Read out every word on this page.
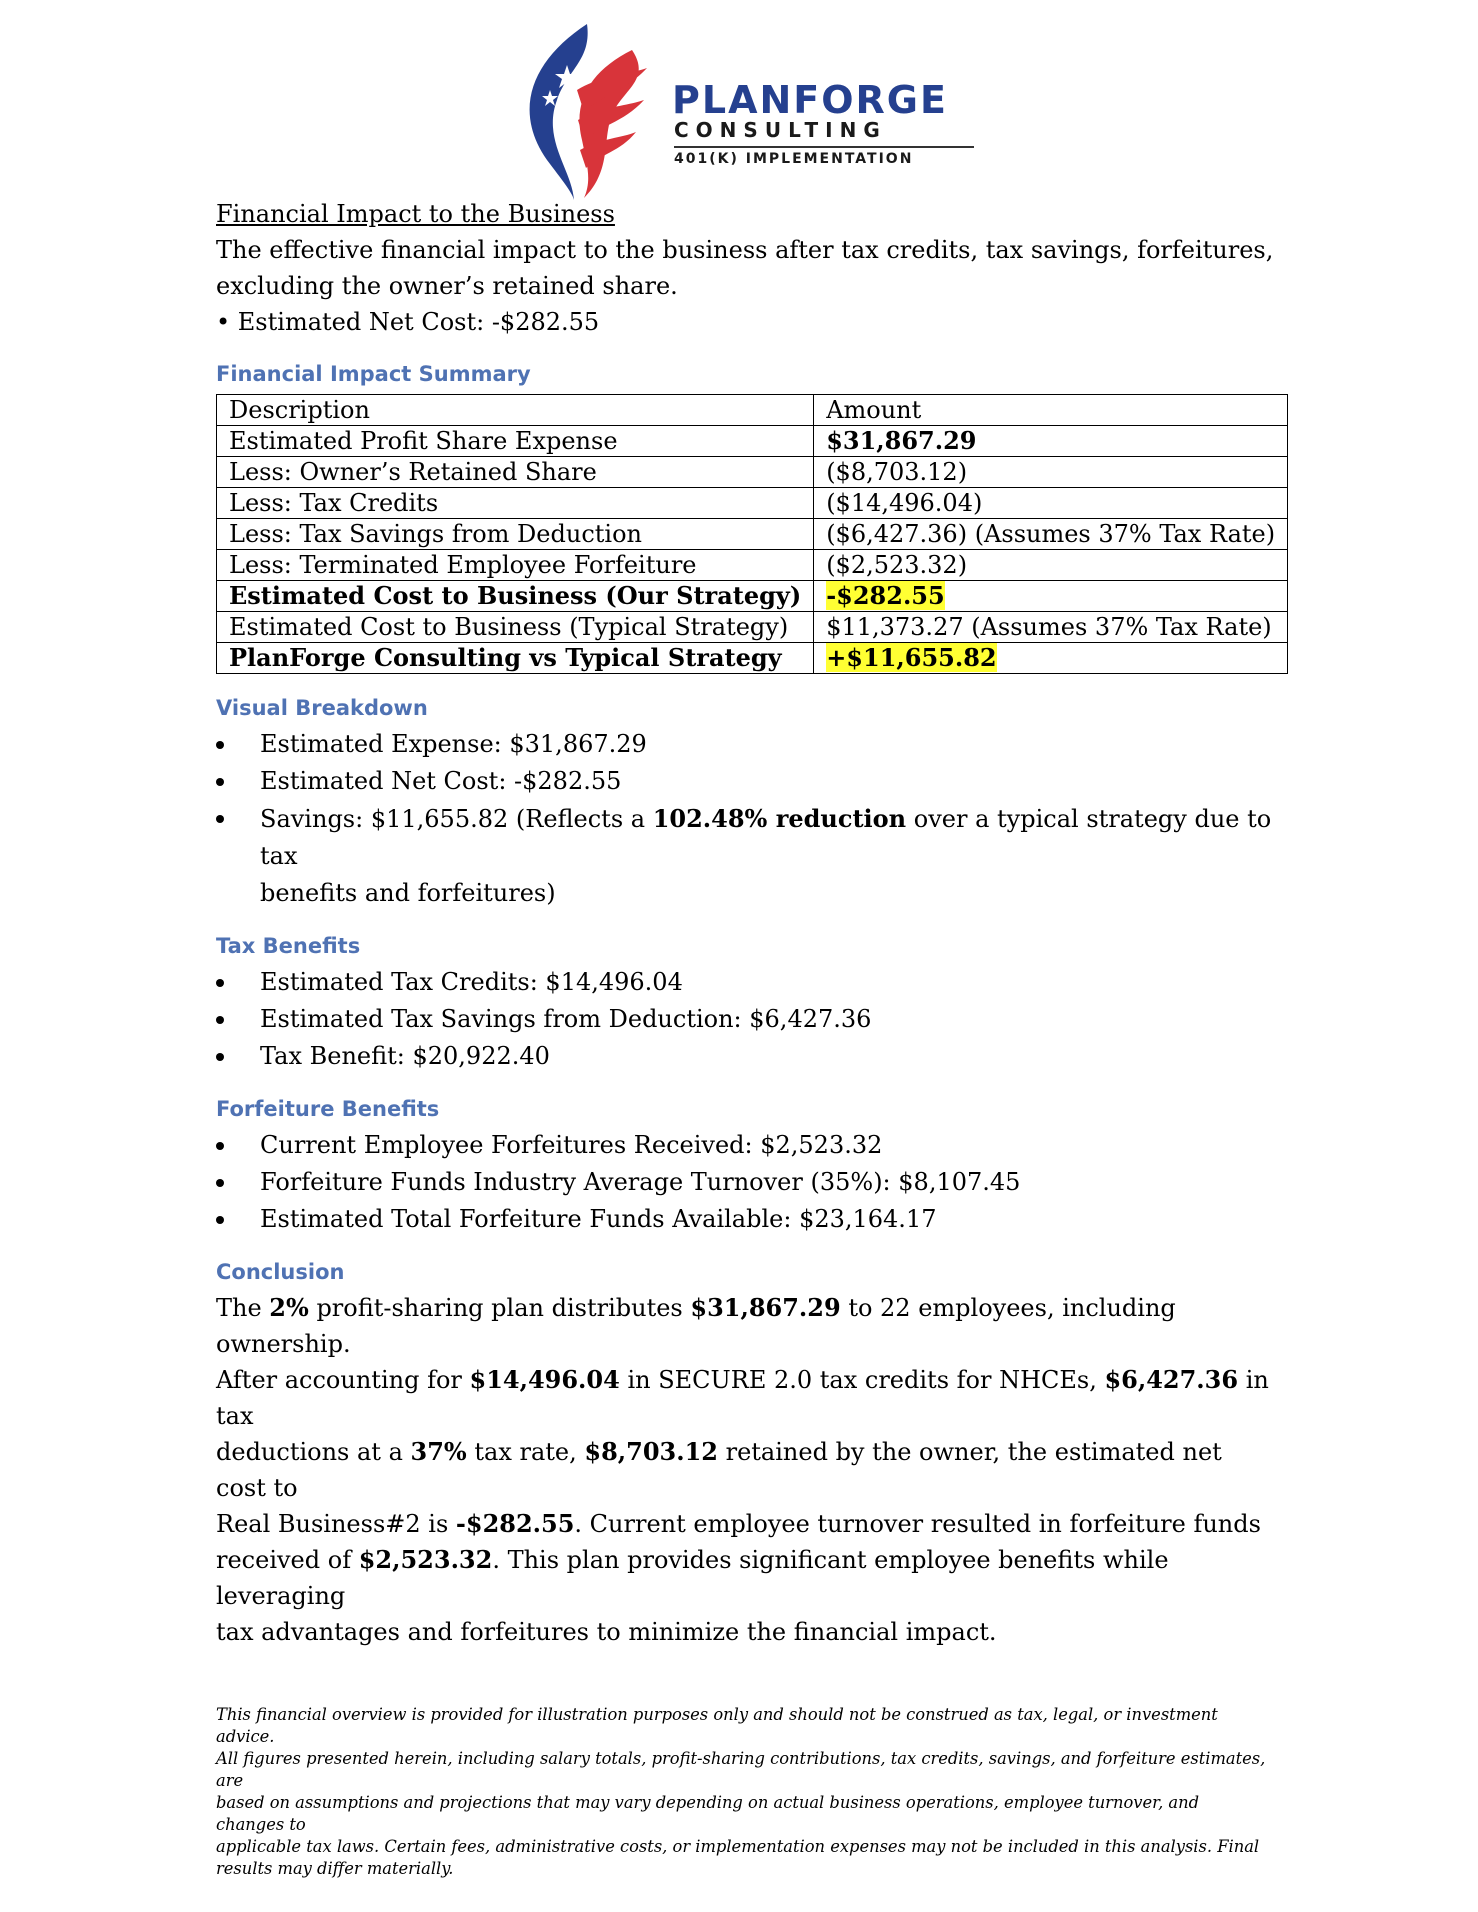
PLANFORGE
CONSULTING
401(K) IMPLEMENTATION

Financial Impact to the Business

The effective financial impact to the business after tax credits, tax savings, forfeitures,

excluding the owner’s retained share.

• Estimated Net Cost: -$282.55

Financial Impact Summary

Description	Amount
Estimated Profit Share Expense	$31,867.29
Less: Owner’s Retained Share	($8,703.12)
Less: Tax Credits	($14,496.04)
Less: Tax Savings from Deduction	($6,427.36) (Assumes 37% Tax Rate)
Less: Terminated Employee Forfeiture	($2,523.32)
Estimated Cost to Business (Our Strategy)	-$282.55
Estimated Cost to Business (Typical Strategy)	$11,373.27 (Assumes 37% Tax Rate)
PlanForge Consulting vs Typical Strategy	+$11,655.82

Visual Breakdown

Estimated Expense: $31,867.29
Estimated Net Cost: -$282.55
Savings: $11,655.82 (Reflects a 102.48% reduction over a typical strategy due to tax
benefits and forfeitures)

Tax Benefits

Estimated Tax Credits: $14,496.04
Estimated Tax Savings from Deduction: $6,427.36
Tax Benefit: $20,922.40

Forfeiture Benefits

Current Employee Forfeitures Received: $2,523.32
Forfeiture Funds Industry Average Turnover (35%): $8,107.45
Estimated Total Forfeiture Funds Available: $23,164.17

Conclusion

The 2% profit-sharing plan distributes $31,867.29 to 22 employees, including ownership.

After accounting for $14,496.04 in SECURE 2.0 tax credits for NHCEs, $6,427.36 in tax

deductions at a 37% tax rate, $8,703.12 retained by the owner, the estimated net cost to

Real Business#2 is -$282.55. Current employee turnover resulted in forfeiture funds

received of $2,523.32. This plan provides significant employee benefits while leveraging

tax advantages and forfeitures to minimize the financial impact.

This financial overview is provided for illustration purposes only and should not be construed as tax, legal, or investment advice.
All figures presented herein, including salary totals, profit-sharing contributions, tax credits, savings, and forfeiture estimates, are
based on assumptions and projections that may vary depending on actual business operations, employee turnover, and changes to
applicable tax laws. Certain fees, administrative costs, or implementation expenses may not be included in this analysis. Final
results may differ materially.
